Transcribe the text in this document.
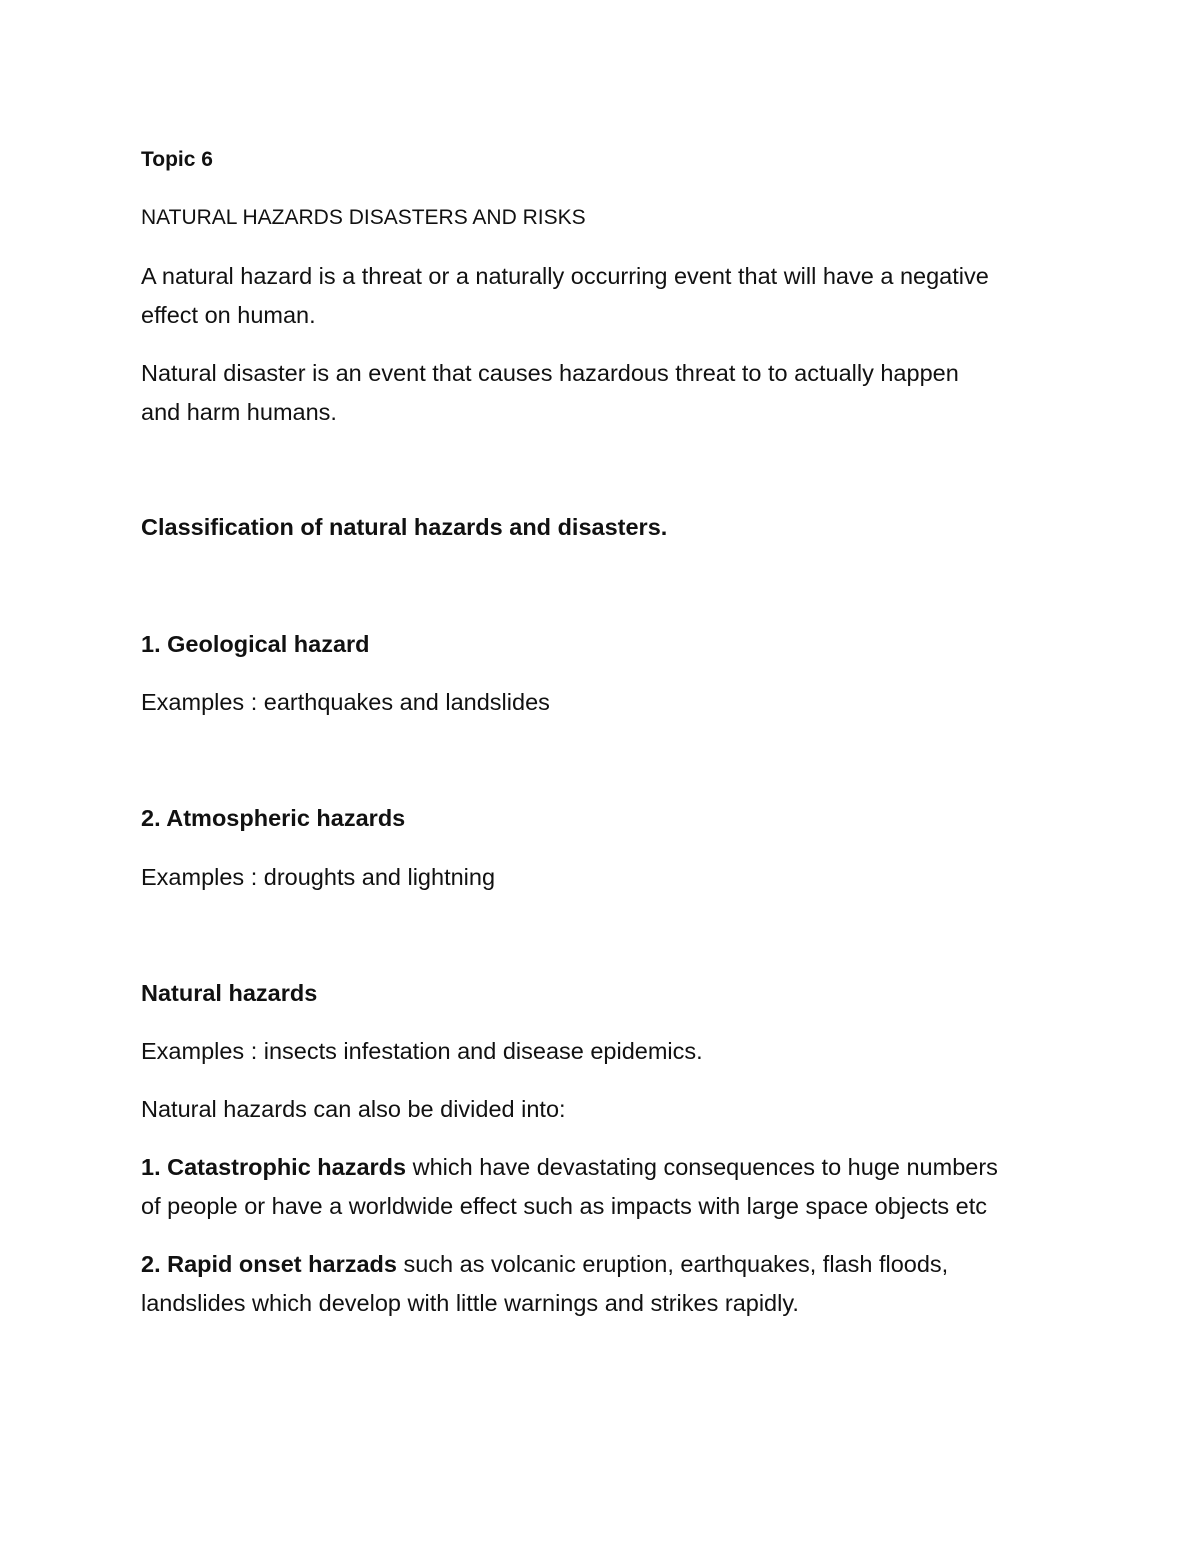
Topic 6
NATURAL HAZARDS DISASTERS AND RISKS
A natural hazard is a threat or a naturally occurring event that will have a negative
effect on human.
Natural disaster is an event that causes hazardous threat to to actually happen
and harm humans.
Classification of natural hazards and disasters.
1. Geological hazard
Examples : earthquakes and landslides
2. Atmospheric hazards
Examples : droughts and lightning
Natural hazards
Examples : insects infestation and disease epidemics.
Natural hazards can also be divided into:
1. Catastrophic hazards which have devastating consequences to huge numbers
of people or have a worldwide effect such as impacts with large space objects etc
2. Rapid onset harzads such as volcanic eruption, earthquakes, flash floods,
landslides which develop with little warnings and strikes rapidly.
